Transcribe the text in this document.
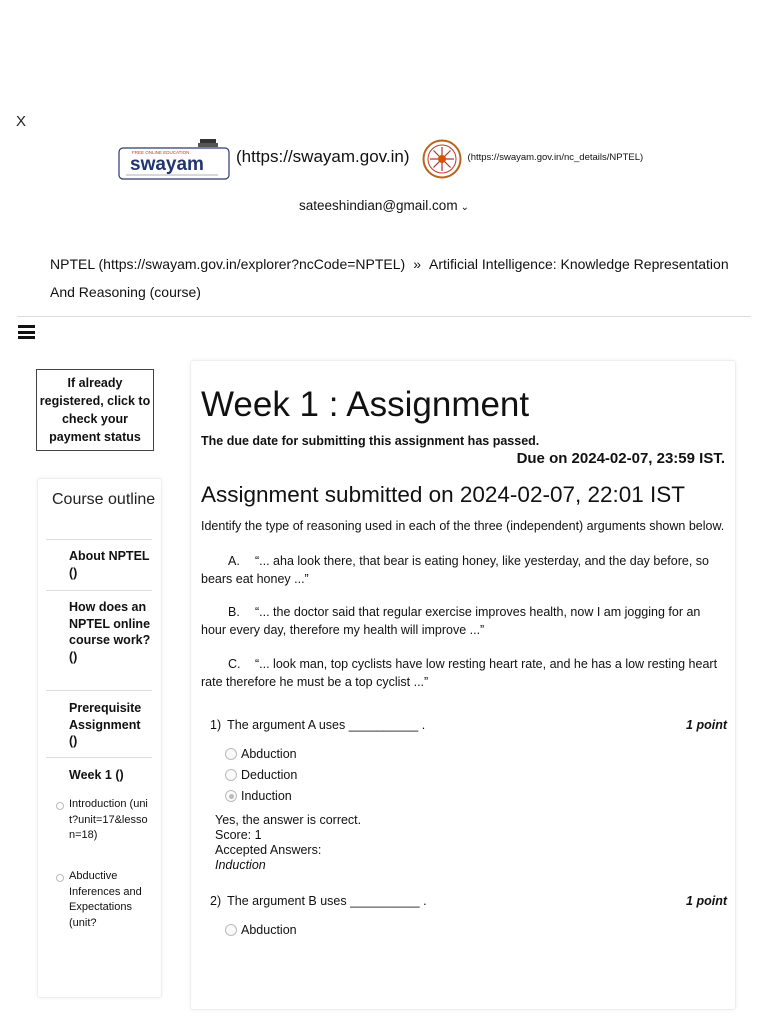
X
FREE ONLINE EDUCATION
swayam (https://swayam.gov.in)	(https://swayam.gov.in/nc_details/NPTEL)
sateeshindian@gmail.com ⌄
NPTEL (https://swayam.gov.in/explorer?ncCode=NPTEL) » Artificial Intelligence: Knowledge Representation And Reasoning (course)
If already registered, click to check your payment status
Course outline
About NPTEL ()
How does an NPTEL online course work? ()
Prerequisite Assignment ()
Week 1 ()
Introduction (unit?unit=17&lesson=18)
Abductive Inferences and Expectations (unit?
Week 1 : Assignment
The due date for submitting this assignment has passed.
Due on 2024-02-07, 23:59 IST.
Assignment submitted on 2024-02-07, 22:01 IST
Identify the type of reasoning used in each of the three (independent) arguments shown below.
A. “... aha look there, that bear is eating honey, like yesterday, and the day before, so bears eat honey ...”
B. “... the doctor said that regular exercise improves health, now I am jogging for an hour every day, therefore my health will improve ...”
C. “... look man, top cyclists have low resting heart rate, and he has a low resting heart rate therefore he must be a top cyclist ...”
1) The argument A uses __________ .	1 point
Abduction
Deduction
Induction
Yes, the answer is correct.
Score: 1
Accepted Answers:
Induction
2) The argument B uses __________ .	1 point
Abduction
